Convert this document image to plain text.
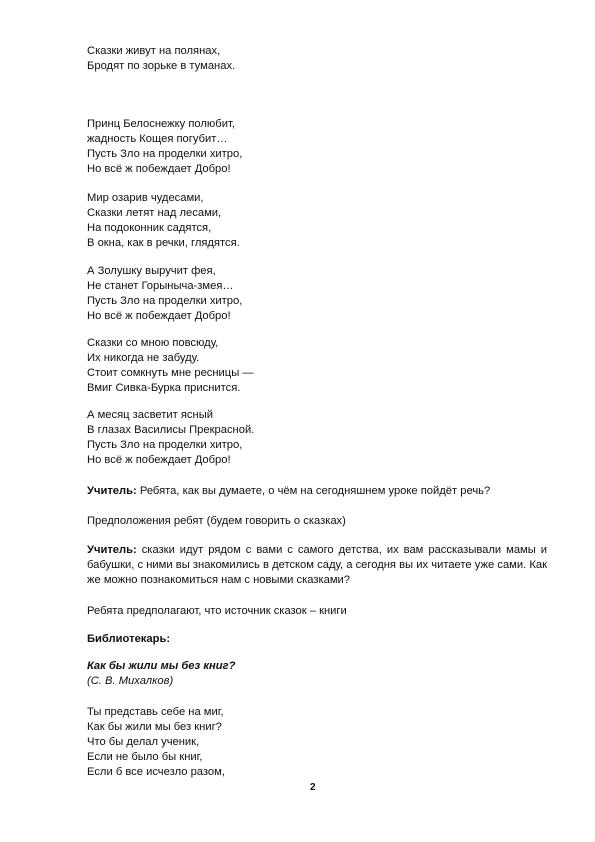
Сказки живут на полянах,
Бродят по зорьке в туманах.
Принц Белоснежку полюбит,
жадность Кощея погубит…
Пусть Зло на проделки хитро,
Но всё ж побеждает Добро!
Мир озарив чудесами,
Сказки летят над лесами,
На подоконник садятся,
В окна, как в речки, глядятся.
А Золушку выручит фея,
Не станет Горыныча-змея…
Пусть Зло на проделки хитро,
Но всё ж побеждает Добро!
Сказки со мною повсюду,
Их никогда не забуду.
Стоит сомкнуть мне ресницы —
Вмиг Сивка-Бурка приснится.
А месяц засветит ясный
В глазах Василисы Прекрасной.
Пусть Зло на проделки хитро,
Но всё ж побеждает Добро!
Учитель: Ребята, как вы думаете, о чём на сегодняшнем уроке пойдёт речь?
Предположения ребят (будем говорить о сказках)
Учитель: сказки идут рядом с вами с самого детства, их вам рассказывали мамы и бабушки, с ними вы знакомились в детском саду, а сегодня вы их читаете уже сами. Как же можно познакомиться нам с новыми сказками?
Ребята предполагают, что источник сказок – книги
Библиотекарь:
Как бы жили мы без книг?
(С. В. Михалков)
Ты представь себе на миг,
Как бы жили мы без книг?
Что бы делал ученик,
Если не было бы книг,
Если б все исчезло разом,
2
